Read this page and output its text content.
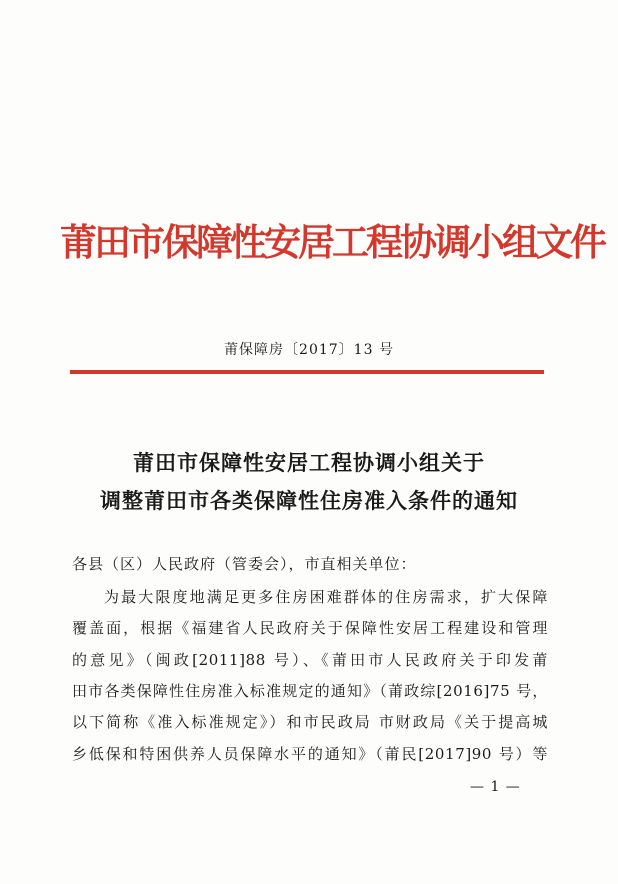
莆田市保障性安居工程协调小组文件
莆保障房〔2017〕13 号
莆田市保障性安居工程协调小组关于
调整莆田市各类保障性住房准入条件的通知
各县（区）人民政府（管委会），市直相关单位：
为最大限度地满足更多住房困难群体的住房需求，扩大保障
覆盖面，根据《福建省人民政府关于保障性安居工程建设和管理
的意见》（闽政[2011]88 号）、《莆田市人民政府关于印发莆
田市各类保障性住房准入标准规定的通知》（莆政综[2016]75 号，
以下简称《准入标准规定》）和市民政局 市财政局《关于提高城
乡低保和特困供养人员保障水平的通知》（莆民[2017]90 号）等
— 1 —
